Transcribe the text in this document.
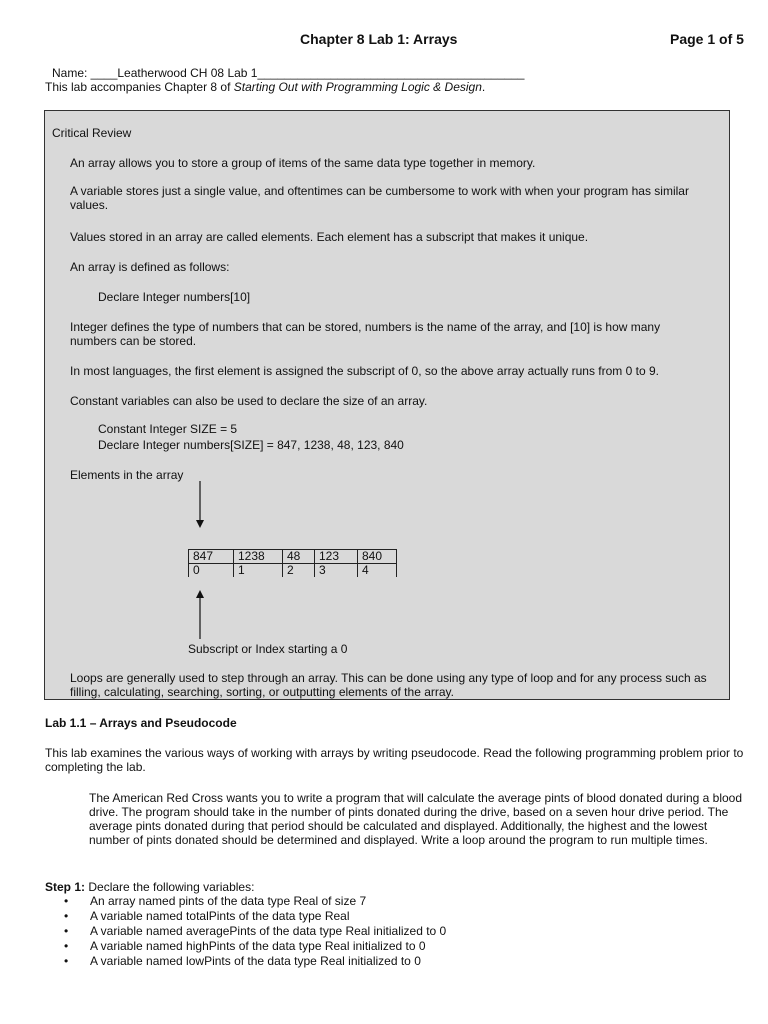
Chapter 8 Lab 1: Arrays	Page 1 of 5
Name: ____Leatherwood CH 08 Lab 1________________________________________
This lab accompanies Chapter 8 of Starting Out with Programming Logic & Design.
Critical Review
An array allows you to store a group of items of the same data type together in memory.
A variable stores just a single value, and oftentimes can be cumbersome to work with when your program has similar values.
Values stored in an array are called elements. Each element has a subscript that makes it unique.
An array is defined as follows:
Declare Integer numbers[10]
Integer defines the type of numbers that can be stored, numbers is the name of the array, and [10] is how many numbers can be stored.
In most languages, the first element is assigned the subscript of 0, so the above array actually runs from 0 to 9.
Constant variables can also be used to declare the size of an array.
Constant Integer SIZE = 5
Declare Integer numbers[SIZE] = 847, 1238, 48, 123, 840
Elements in the array
847	1238	48	123	840
0	1	2	3	4
Subscript or Index starting a 0
Loops are generally used to step through an array. This can be done using any type of loop and for any process such as filling, calculating, searching, sorting, or outputting elements of the array.
Lab 1.1 – Arrays and Pseudocode
This lab examines the various ways of working with arrays by writing pseudocode. Read the following programming problem prior to completing the lab.
The American Red Cross wants you to write a program that will calculate the average pints of blood donated during a blood drive. The program should take in the number of pints donated during the drive, based on a seven hour drive period. The average pints donated during that period should be calculated and displayed. Additionally, the highest and the lowest number of pints donated should be determined and displayed. Write a loop around the program to run multiple times.
Step 1: Declare the following variables:
• An array named pints of the data type Real of size 7
• A variable named totalPints of the data type Real
• A variable named averagePints of the data type Real initialized to 0
• A variable named highPints of the data type Real initialized to 0
• A variable named lowPints of the data type Real initialized to 0
